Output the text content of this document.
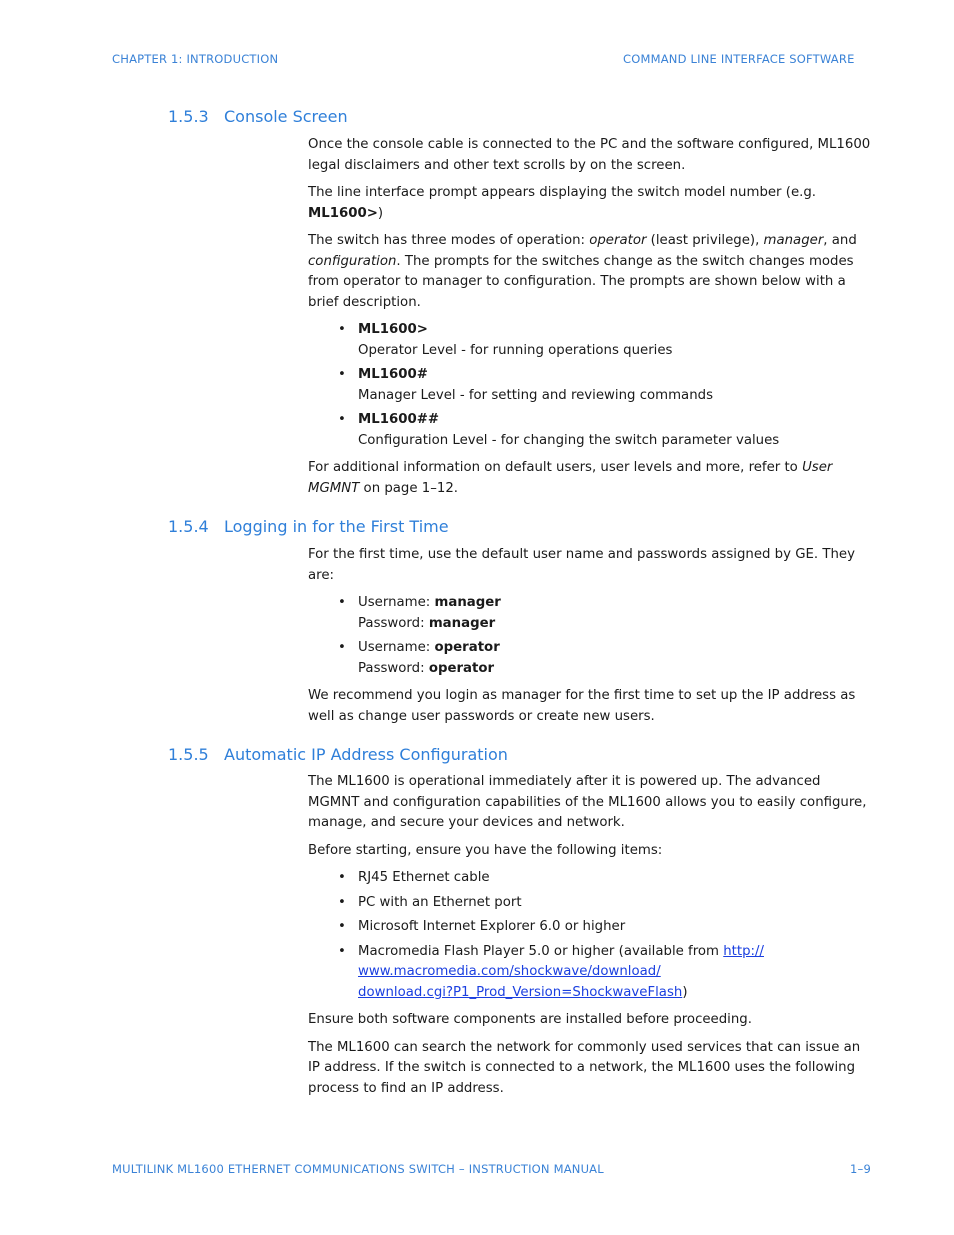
CHAPTER 1: INTRODUCTION	COMMAND LINE INTERFACE SOFTWARE
1.5.3 Console Screen

Once the console cable is connected to the PC and the software configured, ML1600 legal disclaimers and other text scrolls by on the screen.

The line interface prompt appears displaying the switch model number (e.g. ML1600>)

The switch has three modes of operation: operator (least privilege), manager, and configuration. The prompts for the switches change as the switch changes modes from operator to manager to configuration. The prompts are shown below with a brief description.

• ML1600>
Operator Level - for running operations queries
• ML1600#
Manager Level - for setting and reviewing commands
• ML1600##
Configuration Level - for changing the switch parameter values

For additional information on default users, user levels and more, refer to User MGMNT on page 1–12.

1.5.4 Logging in for the First Time

For the first time, use the default user name and passwords assigned by GE. They are:

• Username: manager
Password: manager
• Username: operator
Password: operator

We recommend you login as manager for the first time to set up the IP address as well as change user passwords or create new users.

1.5.5 Automatic IP Address Configuration

The ML1600 is operational immediately after it is powered up. The advanced MGMNT and configuration capabilities of the ML1600 allows you to easily configure, manage, and secure your devices and network.

Before starting, ensure you have the following items:

• RJ45 Ethernet cable
• PC with an Ethernet port
• Microsoft Internet Explorer 6.0 or higher
• Macromedia Flash Player 5.0 or higher (available from http://
www.macromedia.com/shockwave/download/
download.cgi?P1_Prod_Version=ShockwaveFlash)

Ensure both software components are installed before proceeding.

The ML1600 can search the network for commonly used services that can issue an IP address. If the switch is connected to a network, the ML1600 uses the following process to find an IP address.

MULTILINK ML1600 ETHERNET COMMUNICATIONS SWITCH – INSTRUCTION MANUAL	1–9
